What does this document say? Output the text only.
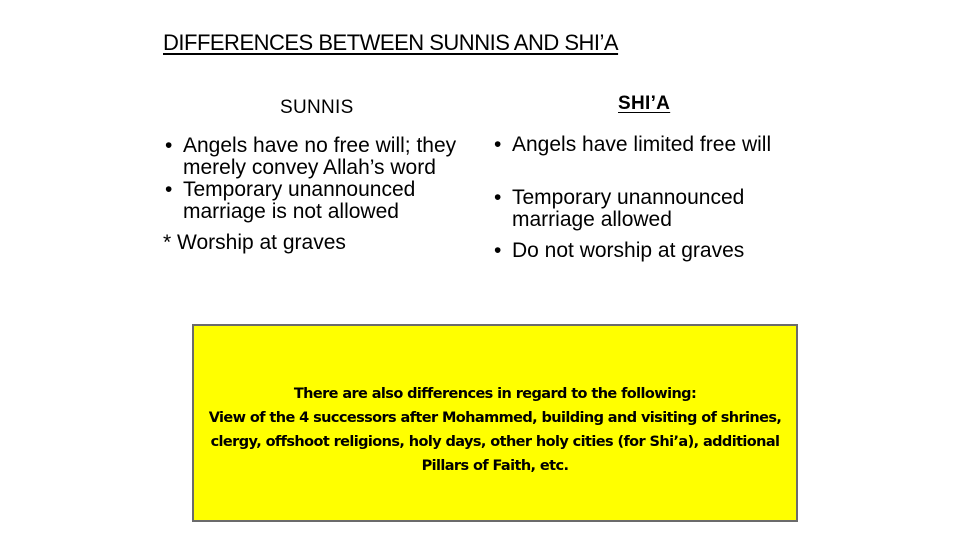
DIFFERENCES BETWEEN SUNNIS AND SHI’A
SUNNIS	SHI’A
• Angels have no free will; they merely convey Allah’s word
• Temporary unannounced marriage is not allowed
* Worship at graves
• Angels have limited free will
• Temporary unannounced marriage allowed
• Do not worship at graves
There are also differences in regard to the following:
View of the 4 successors after Mohammed, building and visiting of shrines,
clergy, offshoot religions, holy days, other holy cities (for Shi’a), additional
Pillars of Faith, etc.
